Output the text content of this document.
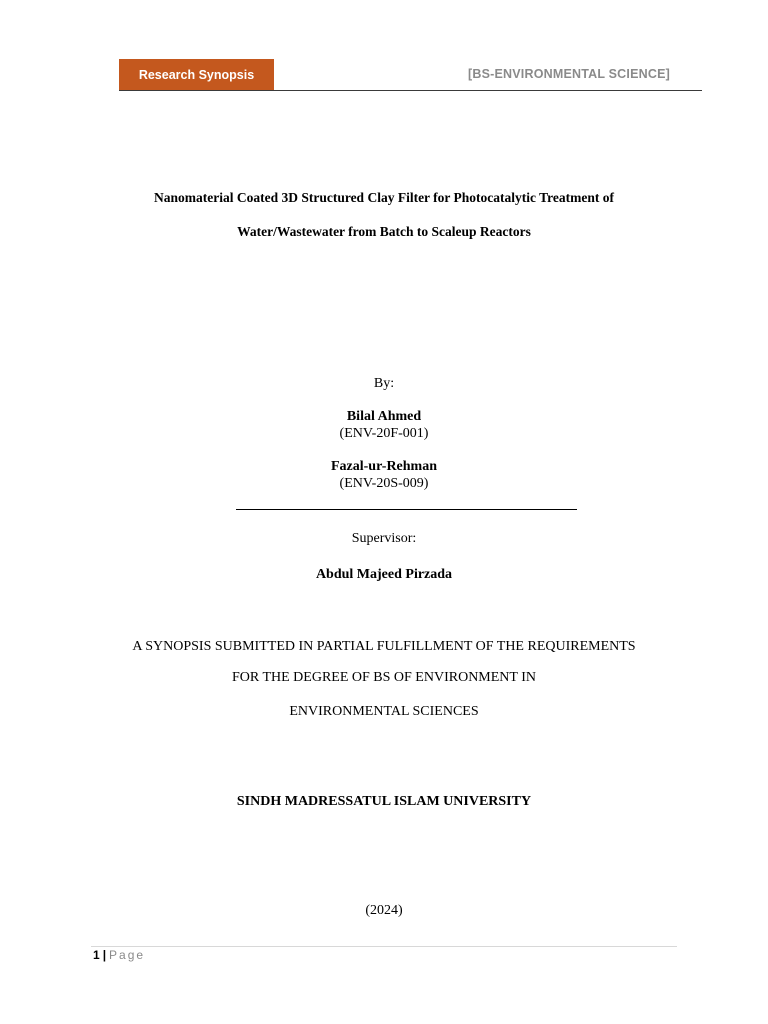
Research Synopsis	[BS-ENVIRONMENTAL SCIENCE]
Nanomaterial Coated 3D Structured Clay Filter for Photocatalytic Treatment of
Water/Wastewater from Batch to Scaleup Reactors
By:
Bilal Ahmed
(ENV-20F-001)
Fazal-ur-Rehman
(ENV-20S-009)
Supervisor:
Abdul Majeed Pirzada
A SYNOPSIS SUBMITTED IN PARTIAL FULFILLMENT OF THE REQUIREMENTS
FOR THE DEGREE OF BS OF ENVIRONMENT IN
ENVIRONMENTAL SCIENCES
SINDH MADRESSATUL ISLAM UNIVERSITY
(2024)
1 | Page
